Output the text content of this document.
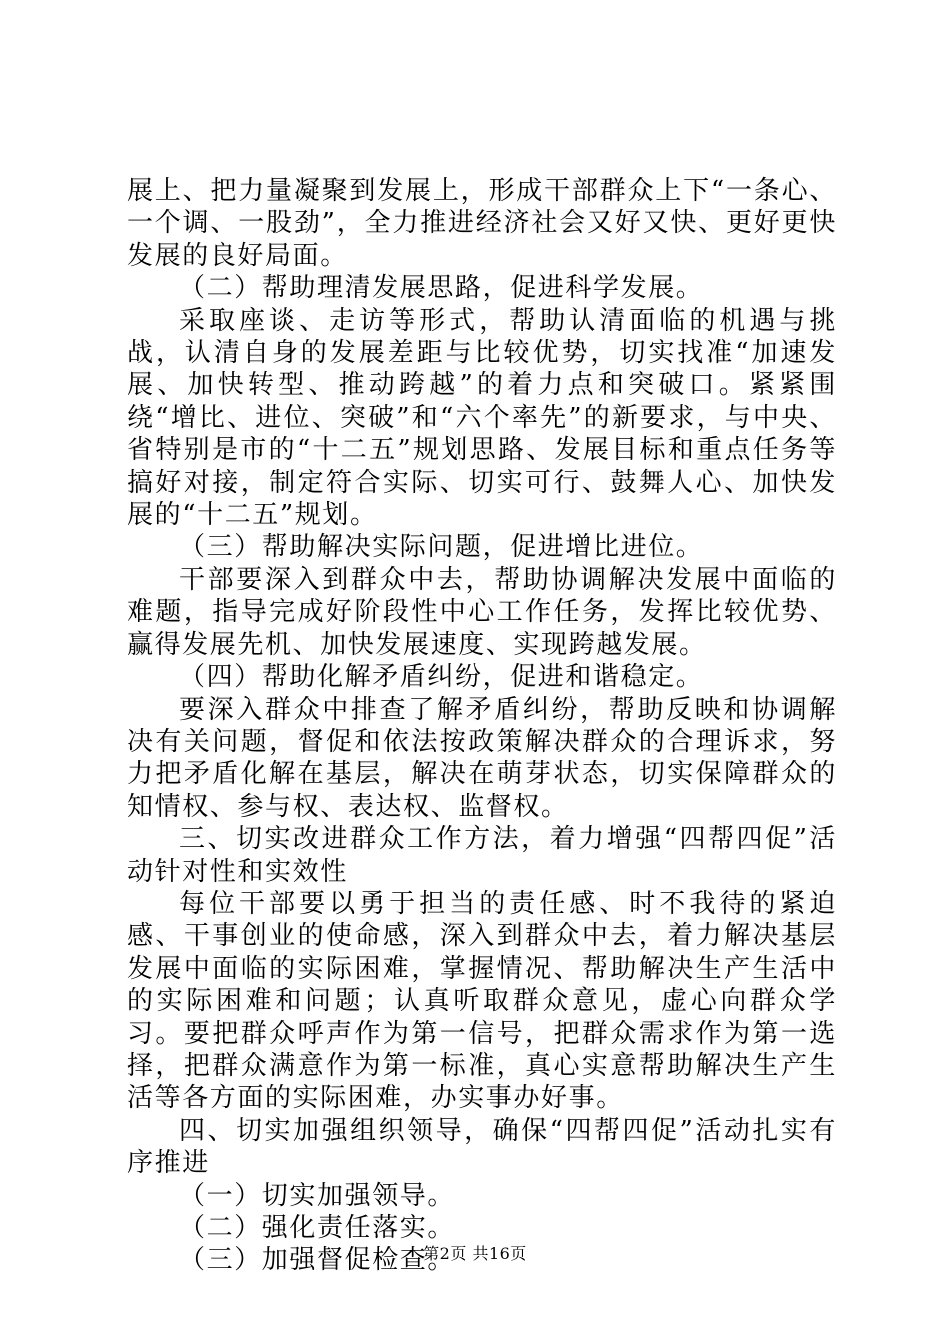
展上、把力量凝聚到发展上，形成干部群众上下“一条心、一个调、一股劲”，全力推进经济社会又好又快、更好更快发展的良好局面。

（二）帮助理清发展思路，促进科学发展。

采取座谈、走访等形式，帮助认清面临的机遇与挑战，认清自身的发展差距与比较优势，切实找准“加速发展、加快转型、推动跨越”的着力点和突破口。紧紧围绕“增比、进位、突破”和“六个率先”的新要求，与中央、省特别是市的“十二五”规划思路、发展目标和重点任务等搞好对接，制定符合实际、切实可行、鼓舞人心、加快发展的“十二五”规划。

（三）帮助解决实际问题，促进增比进位。

干部要深入到群众中去，帮助协调解决发展中面临的难题，指导完成好阶段性中心工作任务，发挥比较优势、赢得发展先机、加快发展速度、实现跨越发展。

（四）帮助化解矛盾纠纷，促进和谐稳定。

要深入群众中排查了解矛盾纠纷，帮助反映和协调解决有关问题，督促和依法按政策解决群众的合理诉求，努力把矛盾化解在基层，解决在萌芽状态，切实保障群众的知情权、参与权、表达权、监督权。

三、切实改进群众工作方法，着力增强“四帮四促”活动针对性和实效性

每位干部要以勇于担当的责任感、时不我待的紧迫感、干事创业的使命感，深入到群众中去，着力解决基层发展中面临的实际困难，掌握情况、帮助解决生产生活中的实际困难和问题；认真听取群众意见，虚心向群众学习。要把群众呼声作为第一信号，把群众需求作为第一选择，把群众满意作为第一标准，真心实意帮助解决生产生活等各方面的实际困难，办实事办好事。

四、切实加强组织领导，确保“四帮四促”活动扎实有序推进

（一）切实加强领导。

（二）强化责任落实。

（三）加强督促检查。

第2页 共16页
